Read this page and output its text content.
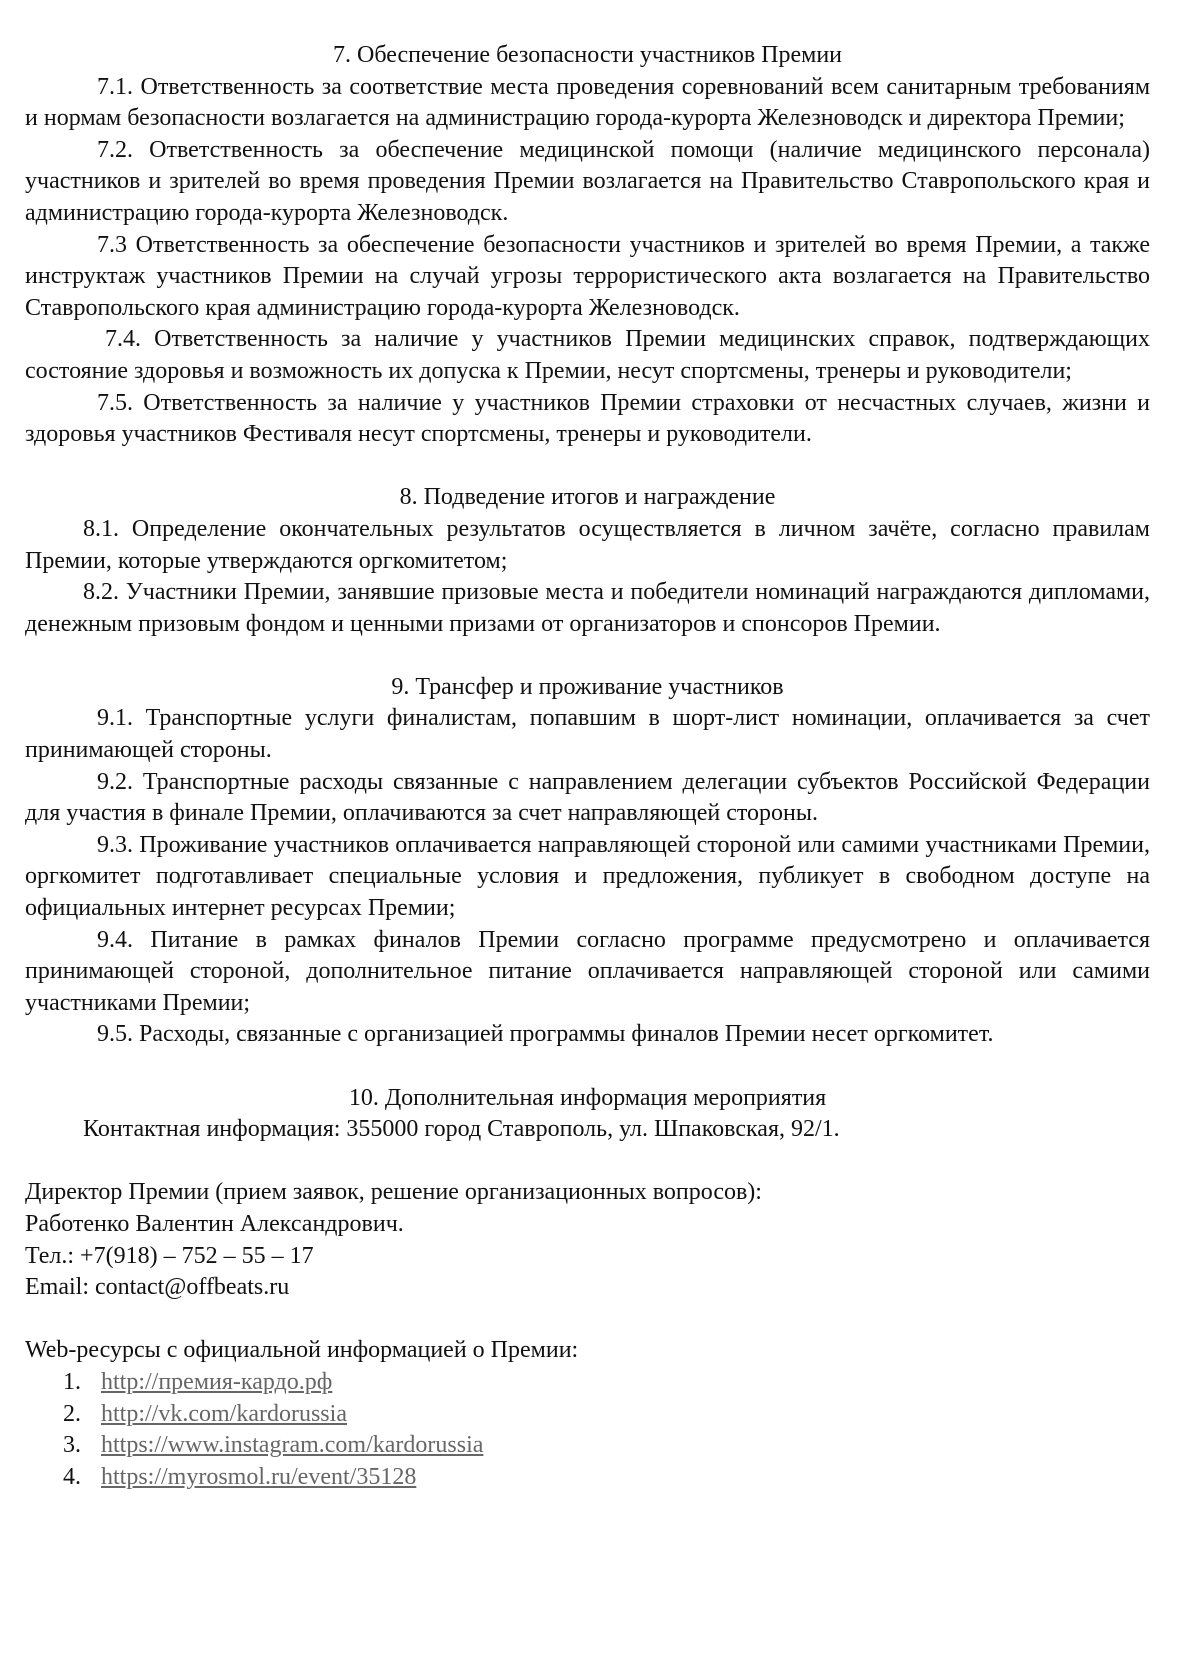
7. Обеспечение безопасности участников Премии

7.1. Ответственность за соответствие места проведения соревнований всем санитарным требованиям и нормам безопасности возлагается на администрацию города-курорта Железноводск и директора Премии;

7.2. Ответственность за обеспечение медицинской помощи (наличие медицинского персонала) участников и зрителей во время проведения Премии возлагается на Правительство Ставропольского края и администрацию города-курорта Железноводск.

7.3 Ответственность за обеспечение безопасности участников и зрителей во время Премии, а также инструктаж участников Премии на случай угрозы террористического акта возлагается на Правительство Ставропольского края администрацию города-курорта Железноводск.

7.4. Ответственность за наличие у участников Премии медицинских справок, подтверждающих состояние здоровья и возможность их допуска к Премии, несут спортсмены, тренеры и руководители;

7.5. Ответственность за наличие у участников Премии страховки от несчастных случаев, жизни и здоровья участников Фестиваля несут спортсмены, тренеры и руководители.

8. Подведение итогов и награждение

8.1. Определение окончательных результатов осуществляется в личном зачёте, согласно правилам Премии, которые утверждаются оргкомитетом;

8.2. Участники Премии, занявшие призовые места и победители номинаций награждаются дипломами, денежным призовым фондом и ценными призами от организаторов и спонсоров Премии.

9. Трансфер и проживание участников

9.1. Транспортные услуги финалистам, попавшим в шорт-лист номинации, оплачивается за счет принимающей стороны.

9.2. Транспортные расходы связанные с направлением делегации субъектов Российской Федерации для участия в финале Премии, оплачиваются за счет направляющей стороны.

9.3. Проживание участников оплачивается направляющей стороной или самими участниками Премии, оргкомитет подготавливает специальные условия и предложения, публикует в свободном доступе на официальных интернет ресурсах Премии;

9.4. Питание в рамках финалов Премии согласно программе предусмотрено и оплачивается принимающей стороной, дополнительное питание оплачивается направляющей стороной или самими участниками Премии;

9.5. Расходы, связанные с организацией программы финалов Премии несет оргкомитет.

10. Дополнительная информация мероприятия

Контактная информация: 355000 город Ставрополь, ул. Шпаковская, 92/1.

Директор Премии (прием заявок, решение организационных вопросов):

Работенко Валентин Александрович.

Тел.: +7(918) – 752 – 55 – 17

Email: contact@offbeats.ru

Web-ресурсы с официальной информацией о Премии:

1. http://премия-кардо.рф
2. http://vk.com/kardorussia
3. https://www.instagram.com/kardorussia
4. https://myrosmol.ru/event/35128
